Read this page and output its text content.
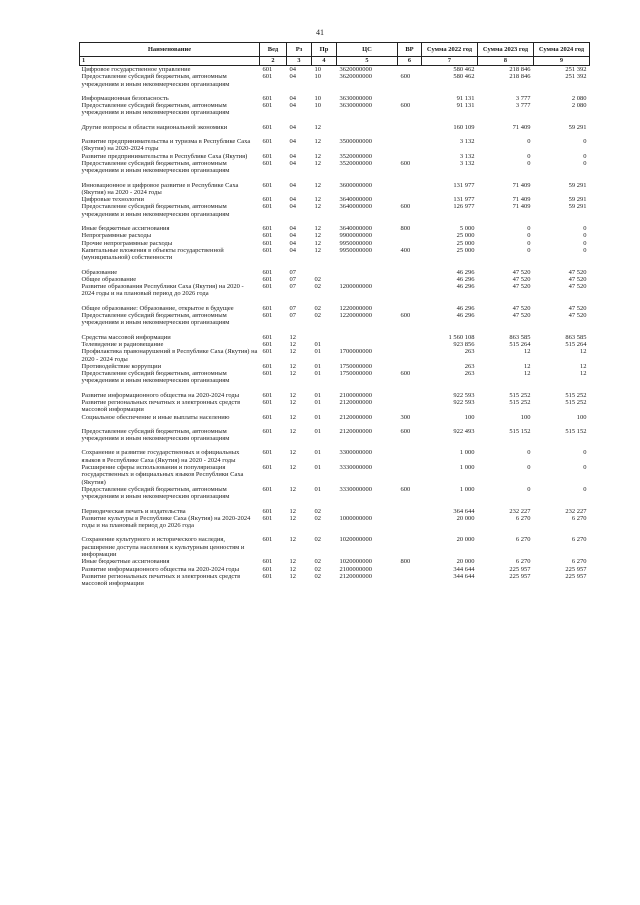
41
Наименование	Вед	Рз	Пр	ЦС	ВР	Сумма 2022 год	Сумма 2023 год	Сумма 2024 год
1	2	3	4	5	6	7	8	9
Цифровое государственное управление	601	04	10	3620000000		580 462	218 846	251 392
Предоставление субсидий бюджетным, автономным учреждениям и иным некоммерческим организациям	601	04	10	3620000000	600	580 462	218 846	251 392

Информационная безопасность	601	04	10	3630000000		91 131	3 777	2 080
Предоставление субсидий бюджетным, автономным учреждениям и иным некоммерческим организациям	601	04	10	3630000000	600	91 131	3 777	2 080

Другие вопросы в области национальной экономики	601	04	12			160 109	71 409	59 291

Развитие предпринимательства и туризма в Республике Саха (Якутия) на 2020-2024 годы	601	04	12	3500000000		3 132	0	0
Развитие предпринимательства в Республике Саха (Якутия)	601	04	12	3520000000		3 132	0	0
Предоставление субсидий бюджетным, автономным учреждениям и иным некоммерческим организациям	601	04	12	3520000000	600	3 132	0	0

Инновационное и цифровое развитие в Республике Саха (Якутия) на 2020 - 2024 годы	601	04	12	3600000000		131 977	71 409	59 291
Цифровые технологии	601	04	12	3640000000		131 977	71 409	59 291
Предоставление субсидий бюджетным, автономным учреждениям и иным некоммерческим организациям	601	04	12	3640000000	600	126 977	71 409	59 291

Иные бюджетные ассигнования	601	04	12	3640000000	800	5 000	0	0
Непрограммные расходы	601	04	12	9900000000		25 000	0	0
Прочие непрограммные расходы	601	04	12	9950000000		25 000	0	0
Капитальные вложения в объекты государственной (муниципальной) собственности	601	04	12	9950000000	400	25 000	0	0

Образование	601	07				46 296	47 520	47 520
Общее образование	601	07	02			46 296	47 520	47 520
Развитие образования Республики Саха (Якутия) на 2020 - 2024 годы и на плановый период до 2026 года	601	07	02	1200000000		46 296	47 520	47 520

Общее образование: Образование, открытое в будущее	601	07	02	1220000000		46 296	47 520	47 520
Предоставление субсидий бюджетным, автономным учреждениям и иным некоммерческим организациям	601	07	02	1220000000	600	46 296	47 520	47 520

Средства массовой информации	601	12				1 560 108	863 585	863 585
Телевидение и радиовещание	601	12	01			923 856	515 264	515 264
Профилактика правонарушений в Республике Саха (Якутия) на 2020 - 2024 годы	601	12	01	1700000000		263	12	12
Противодействие коррупции	601	12	01	1750000000		263	12	12
Предоставление субсидий бюджетным, автономным учреждениям и иным некоммерческим организациям	601	12	01	1750000000	600	263	12	12

Развитие информационного общества на 2020-2024 годы	601	12	01	2100000000		922 593	515 252	515 252
Развитие региональных печатных и электронных средств массовой информации	601	12	01	2120000000		922 593	515 252	515 252
Социальное обеспечение и иные выплаты населению	601	12	01	2120000000	300	100	100	100

Предоставление субсидий бюджетным, автономным учреждениям и иным некоммерческим организациям	601	12	01	2120000000	600	922 493	515 152	515 152

Сохранение и развитие государственных и официальных языков в Республике Саха (Якутия) на 2020 - 2024 годы	601	12	01	3300000000		1 000	0	0
Расширение сферы использования и популяризация государственных и официальных языков Республики Саха (Якутия)	601	12	01	3330000000		1 000	0	0
Предоставление субсидий бюджетным, автономным учреждениям и иным некоммерческим организациям	601	12	01	3330000000	600	1 000	0	0

Периодическая печать и издательства	601	12	02			364 644	232 227	232 227
Развитие культуры в Республике Саха (Якутия) на 2020-2024 годы и на плановый период до 2026 года	601	12	02	1000000000		20 000	6 270	6 270

Сохранение культурного и исторического наследия, расширение доступа населения к культурным ценностям и информации	601	12	02	1020000000		20 000	6 270	6 270
Иные бюджетные ассигнования	601	12	02	1020000000	800	20 000	6 270	6 270
Развитие информационного общества на 2020-2024 годы	601	12	02	2100000000		344 644	225 957	225 957
Развитие региональных печатных и электронных средств массовой информации	601	12	02	2120000000		344 644	225 957	225 957
